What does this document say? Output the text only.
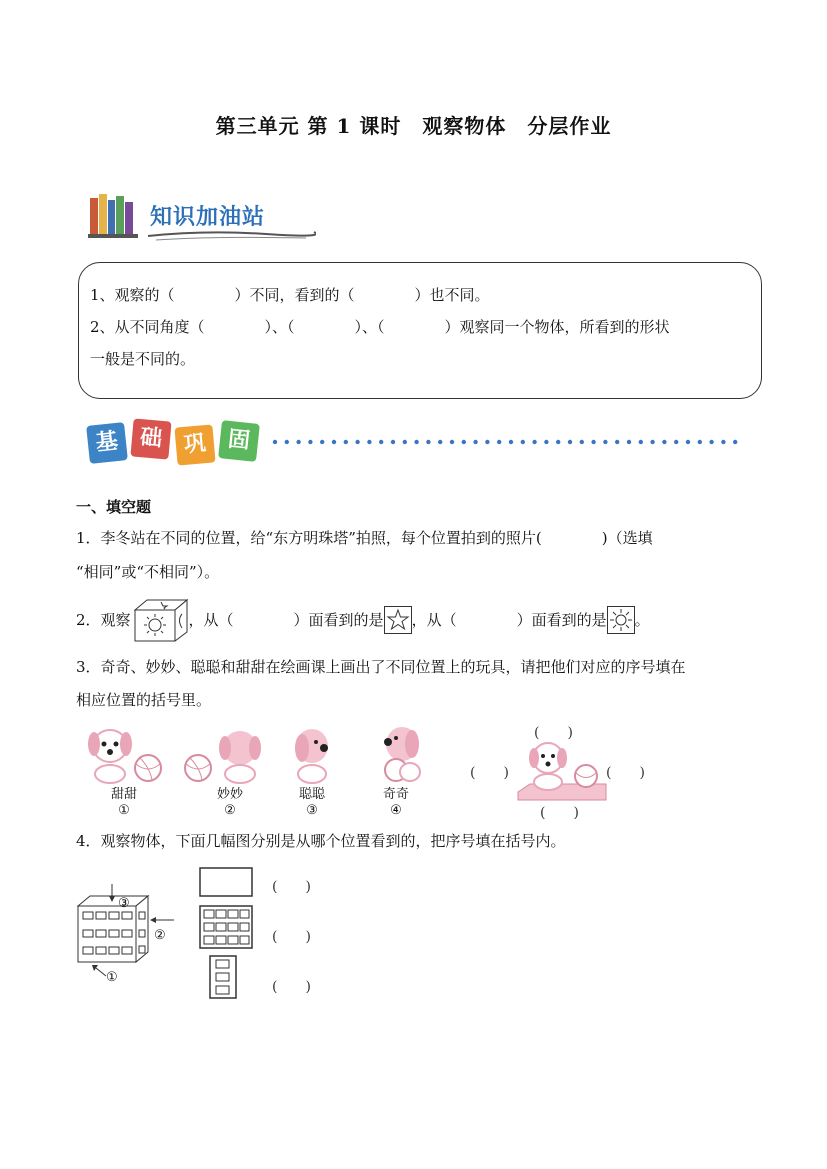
第三单元 第 1 课时　观察物体　分层作业
知识加油站
1、观察的（　　　　）不同，看到的（　　　　）也不同。
2、从不同角度（　　　　）、（　　　　）、（　　　　）观察同一个物体，所看到的形状
一般是不同的。
基 础 巩 固
一、填空题
1．李冬站在不同的位置，给“东方明珠塔”拍照，每个位置拍到的照片(　　　　)（选填
“相同”或“不相同”）。
2．观察	，从（　　　　）面看到的是 ，从（　　　　）面看到的是 。
3．奇奇、妙妙、聪聪和甜甜在绘画课上画出了不同位置上的玩具，请把他们对应的序号填在
相应位置的括号里。
甜甜
①
妙妙
②
聪聪
③
奇奇
④
(　　)
(　　)	(　　)
(　　)
4．观察物体，下面几幅图分别是从哪个位置看到的，把序号填在括号内。
③
②
①
(　　)
(　　)
(　　)
